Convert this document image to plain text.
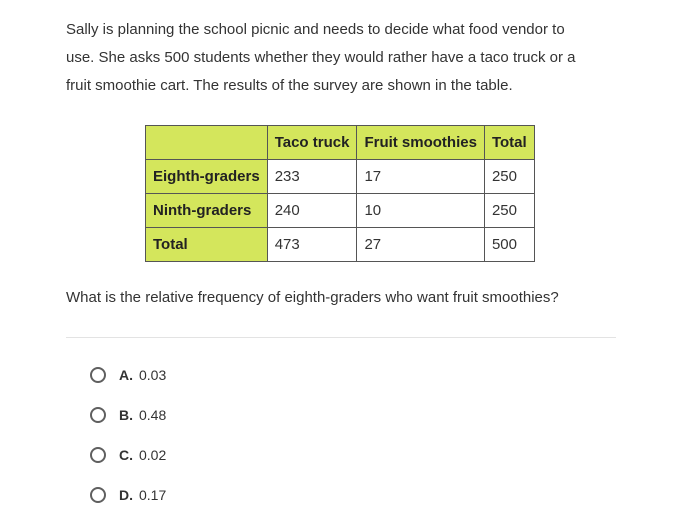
Sally is planning the school picnic and needs to decide what food vendor to
use. She asks 500 students whether they would rather have a taco truck or a
fruit smoothie cart. The results of the survey are shown in the table.
	Taco truck	Fruit smoothies	Total
Eighth-graders	233	17	250
Ninth-graders	240	10	250
Total	473	27	500

What is the relative frequency of eighth-graders who want fruit smoothies?

A. 0.03
B. 0.48
C. 0.02
D. 0.17
